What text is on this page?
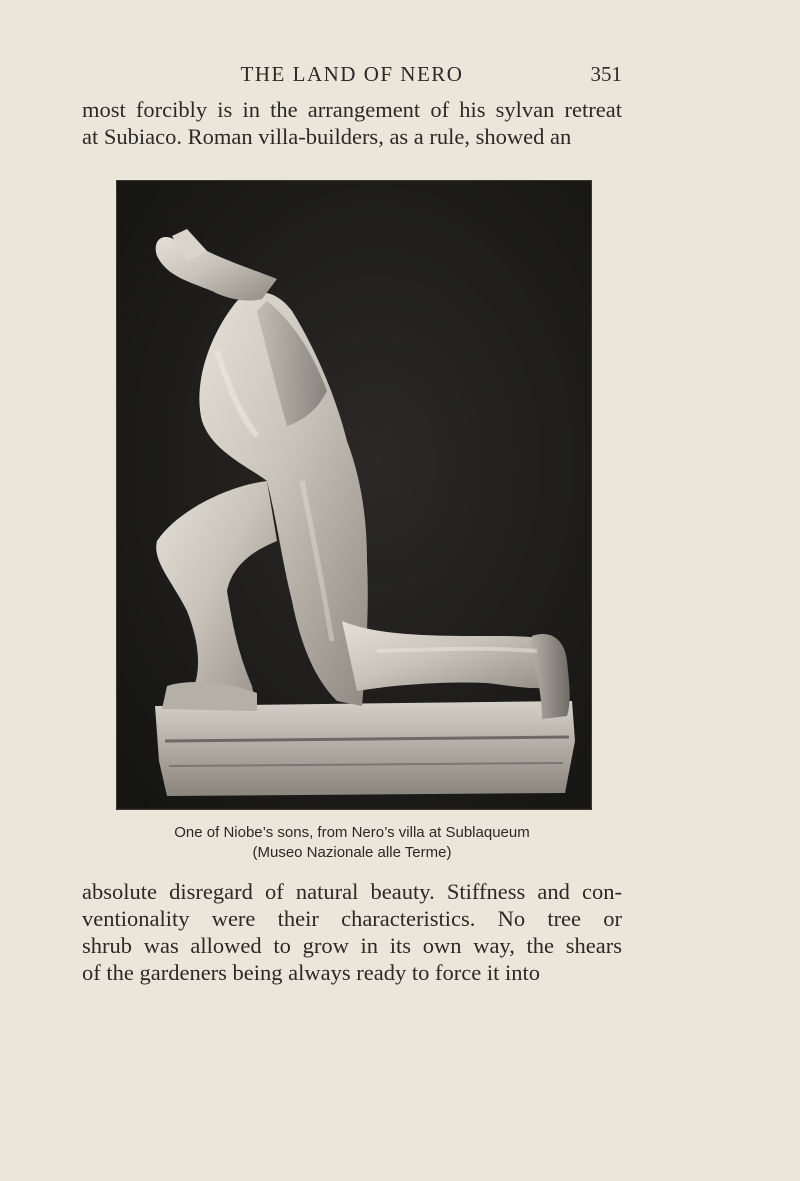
THE LAND OF NERO	351

most forcibly is in the arrangement of his sylvan retreat
at Subiaco. Roman villa-builders, as a rule, showed an

One of Niobe’s sons, from Nero’s villa at Sublaqueum
(Museo Nazionale alle Terme)

absolute disregard of natural beauty. Stiffness and con-
ventionality were their characteristics. No tree or
shrub was allowed to grow in its own way, the shears
of the gardeners being always ready to force it into
